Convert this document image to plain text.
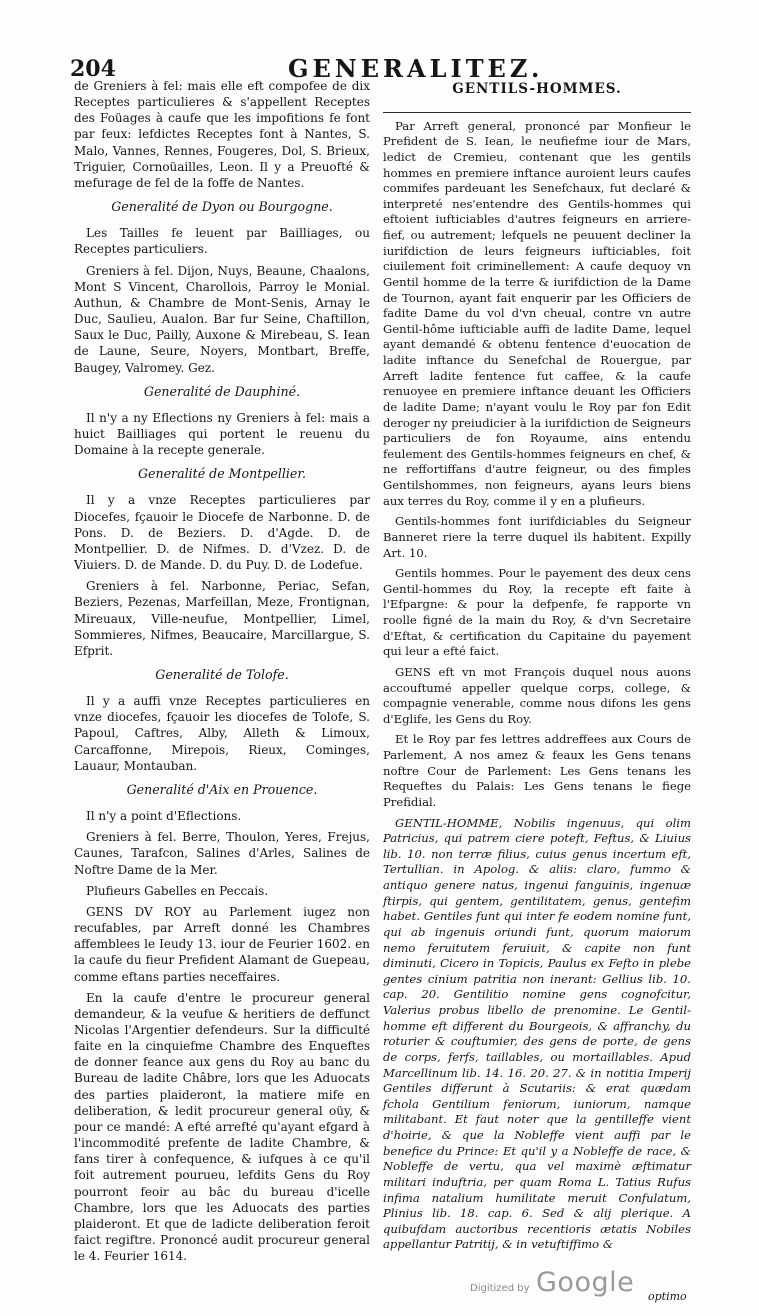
204	GENERALITEZ.

de Greniers à fel: mais elle eft compofee de dix Receptes particulieres & s'appellent Receptes des Foüages à caufe que les impofitions fe font par feux: lefdictes Receptes font à Nantes, S. Malo, Vannes, Rennes, Fougeres, Dol, S. Brieux, Triguier, Cornoüailles, Leon. Il y a Preuofté & mefurage de fel de la foffe de Nantes.

Generalité de Dyon ou Bourgogne.

Les Tailles fe leuent par Bailliages, ou Receptes particuliers.

Greniers à fel. Dijon, Nuys, Beaune, Chaalons, Mont S Vincent, Charollois, Parroy le Monial. Authun, & Chambre de Mont-Senis, Arnay le Duc, Saulieu, Aualon. Bar fur Seine, Chaftillon, Saux le Duc, Pailly, Auxone & Mirebeau, S. Iean de Laune, Seure, Noyers, Montbart, Breffe, Baugey, Valromey. Gez.

Generalité de Dauphiné.

Il n'y a ny Eflections ny Greniers à fel: mais a huict Bailliages qui portent le reuenu du Domaine à la recepte generale.

Generalité de Montpellier.

Il y a vnze Receptes particulieres par Diocefes, fçauoir le Diocefe de Narbonne. D. de Pons. D. de Beziers. D. d'Agde. D. de Montpellier. D. de Nifmes. D. d'Vzez. D. de Viuiers. D. de Mande. D. du Puy. D. de Lodefue.

Greniers à fel. Narbonne, Periac, Sefan, Beziers, Pezenas, Marfeillan, Meze, Frontignan, Mireuaux, Ville-neufue, Montpellier, Limel, Sommieres, Nifmes, Beaucaire, Marcillargue, S. Efprit.

Generalité de Tolofe.

Il y a auffi vnze Receptes particulieres en vnze diocefes, fçauoir les diocefes de Tolofe, S. Papoul, Caftres, Alby, Alleth & Limoux, Carcaffonne, Mirepois, Rieux, Cominges, Lauaur, Montauban.

Generalité d'Aix en Prouence.

Il n'y a point d'Eflections.

Greniers à fel. Berre, Thoulon, Yeres, Frejus, Caunes, Tarafcon, Salines d'Arles, Salines de Noftre Dame de la Mer.

Plufieurs Gabelles en Peccais.

GENS DV ROY au Parlement iugez non recufables, par Arreft donné les Chambres affemblees le Ieudy 13. iour de Feurier 1602. en la caufe du fieur Prefident Alamant de Guepeau, comme eftans parties neceffaires.

En la caufe d'entre le procureur general demandeur, & la veufue & heritiers de deffunct Nicolas l'Argentier defendeurs. Sur la difficulté faite en la cinquiefme Chambre des Enqueftes de donner feance aux gens du Roy au banc du Bureau de ladite Châbre, lors que les Aduocats des parties plaideront, la matiere mife en deliberation, & ledit procureur general oüy, & pour ce mandé: A efté arrefté qu'ayant efgard à l'incommodité prefente de ladite Chambre, & fans tirer à confequence, & iufques à ce qu'il foit autrement pourueu, lefdits Gens du Roy pourront feoir au bâc du bureau d'icelle Chambre, lors que les Aduocats des parties plaideront. Et que de ladicte deliberation feroit faict regiftre. Prononcé audit procureur general le 4. Feurier 1614.

GENTILS-HOMMES.

Par Arreft general, prononcé par Monfieur le Prefident de S. Iean, le neufiefme iour de Mars, ledict de Cremieu, contenant que les gentils hommes en premiere inftance auroient leurs caufes commifes pardeuant les Senefchaux, fut declaré & interpreté nes'entendre des Gentils-hommes qui eftoient iufticiables d'autres feigneurs en arriere-fief, ou autrement; lefquels ne peuuent decliner la iurifdiction de leurs feigneurs iufticiables, foit ciuilement foit criminellement: A caufe dequoy vn Gentil homme de la terre & iurifdiction de la Dame de Tournon, ayant fait enquerir par les Officiers de fadite Dame du vol d'vn cheual, contre vn autre Gentil-hôme iufticiable auffi de ladite Dame, lequel ayant demandé & obtenu fentence d'euocation de ladite inftance du Senefchal de Rouergue, par Arreft ladite fentence fut caffee, & la caufe renuoyee en premiere inftance deuant les Officiers de ladite Dame; n'ayant voulu le Roy par fon Edit deroger ny preiudicier à la iurifdiction de Seigneurs particuliers de fon Royaume, ains entendu feulement des Gentils-hommes feigneurs en chef, & ne reffortiffans d'autre feigneur, ou des fimples Gentilshommes, non feigneurs, ayans leurs biens aux terres du Roy, comme il y en a plufieurs.

Gentils-hommes font iurifdiciables du Seigneur Banneret riere la terre duquel ils habitent. Expilly Art. 10.

Gentils hommes. Pour le payement des deux cens Gentil-hommes du Roy, la recepte eft faite à l'Efpargne: & pour la defpenfe, fe rapporte vn roolle figné de la main du Roy, & d'vn Secretaire d'Eftat, & certification du Capitaine du payement qui leur a efté faict.

GENS eft vn mot François duquel nous auons accouftumé appeller quelque corps, college, & compagnie venerable, comme nous difons les gens d'Eglife, les Gens du Roy.

Et le Roy par fes lettres addreffees aux Cours de Parlement, A nos amez & feaux les Gens tenans noftre Cour de Parlement: Les Gens tenans les Requeftes du Palais: Les Gens tenans le fiege Prefidial.

GENTIL-HOMME, Nobilis ingenuus, qui olim Patricius, qui patrem ciere poteft, Feftus, & Liuius lib. 10. non terræ filius, cuius genus incertum eft, Tertullian. in Apolog. & aliis: claro, fummo & antiquo genere natus, ingenui fanguinis, ingenuæ ftirpis, qui gentem, gentilitatem, genus, gentefim habet. Gentiles funt qui inter fe eodem nomine funt, qui ab ingenuis oriundi funt, quorum maiorum nemo feruitutem feruiuit, & capite non funt diminuti, Cicero in Topicis, Paulus ex Fefto in plebe gentes cinium patritia non inerant: Gellius lib. 10. cap. 20. Gentilitio nomine gens cognofcitur, Valerius probus libello de prenomine. Le Gentil-homme eft different du Bourgeois, & affranchy, du roturier & couftumier, des gens de porte, de gens de corps, ferfs, taillables, ou mortaillables. Apud Marcellinum lib. 14. 16. 20. 27. & in notitia Imperij Gentiles differunt à Scutariis: & erat quædam fchola Gentilium feniorum, iuniorum, namque militabant. Et faut noter que la gentilleffe vient d'hoirie, & que la Nobleffe vient auffi par le benefice du Prince: Et qu'il y a Nobleffe de race, & Nobleffe de vertu, qua vel maximè æftimatur militari induftria, per quam Roma L. Tatius Rufus infima natalium humilitate meruit Confulatum, Plinius lib. 18. cap. 6. Sed & alij plerique. A quibufdam auctoribus recentioris ætatis Nobiles appellantur Patritij, & in vetuftiffimo &

optimo
Digitized by Google
